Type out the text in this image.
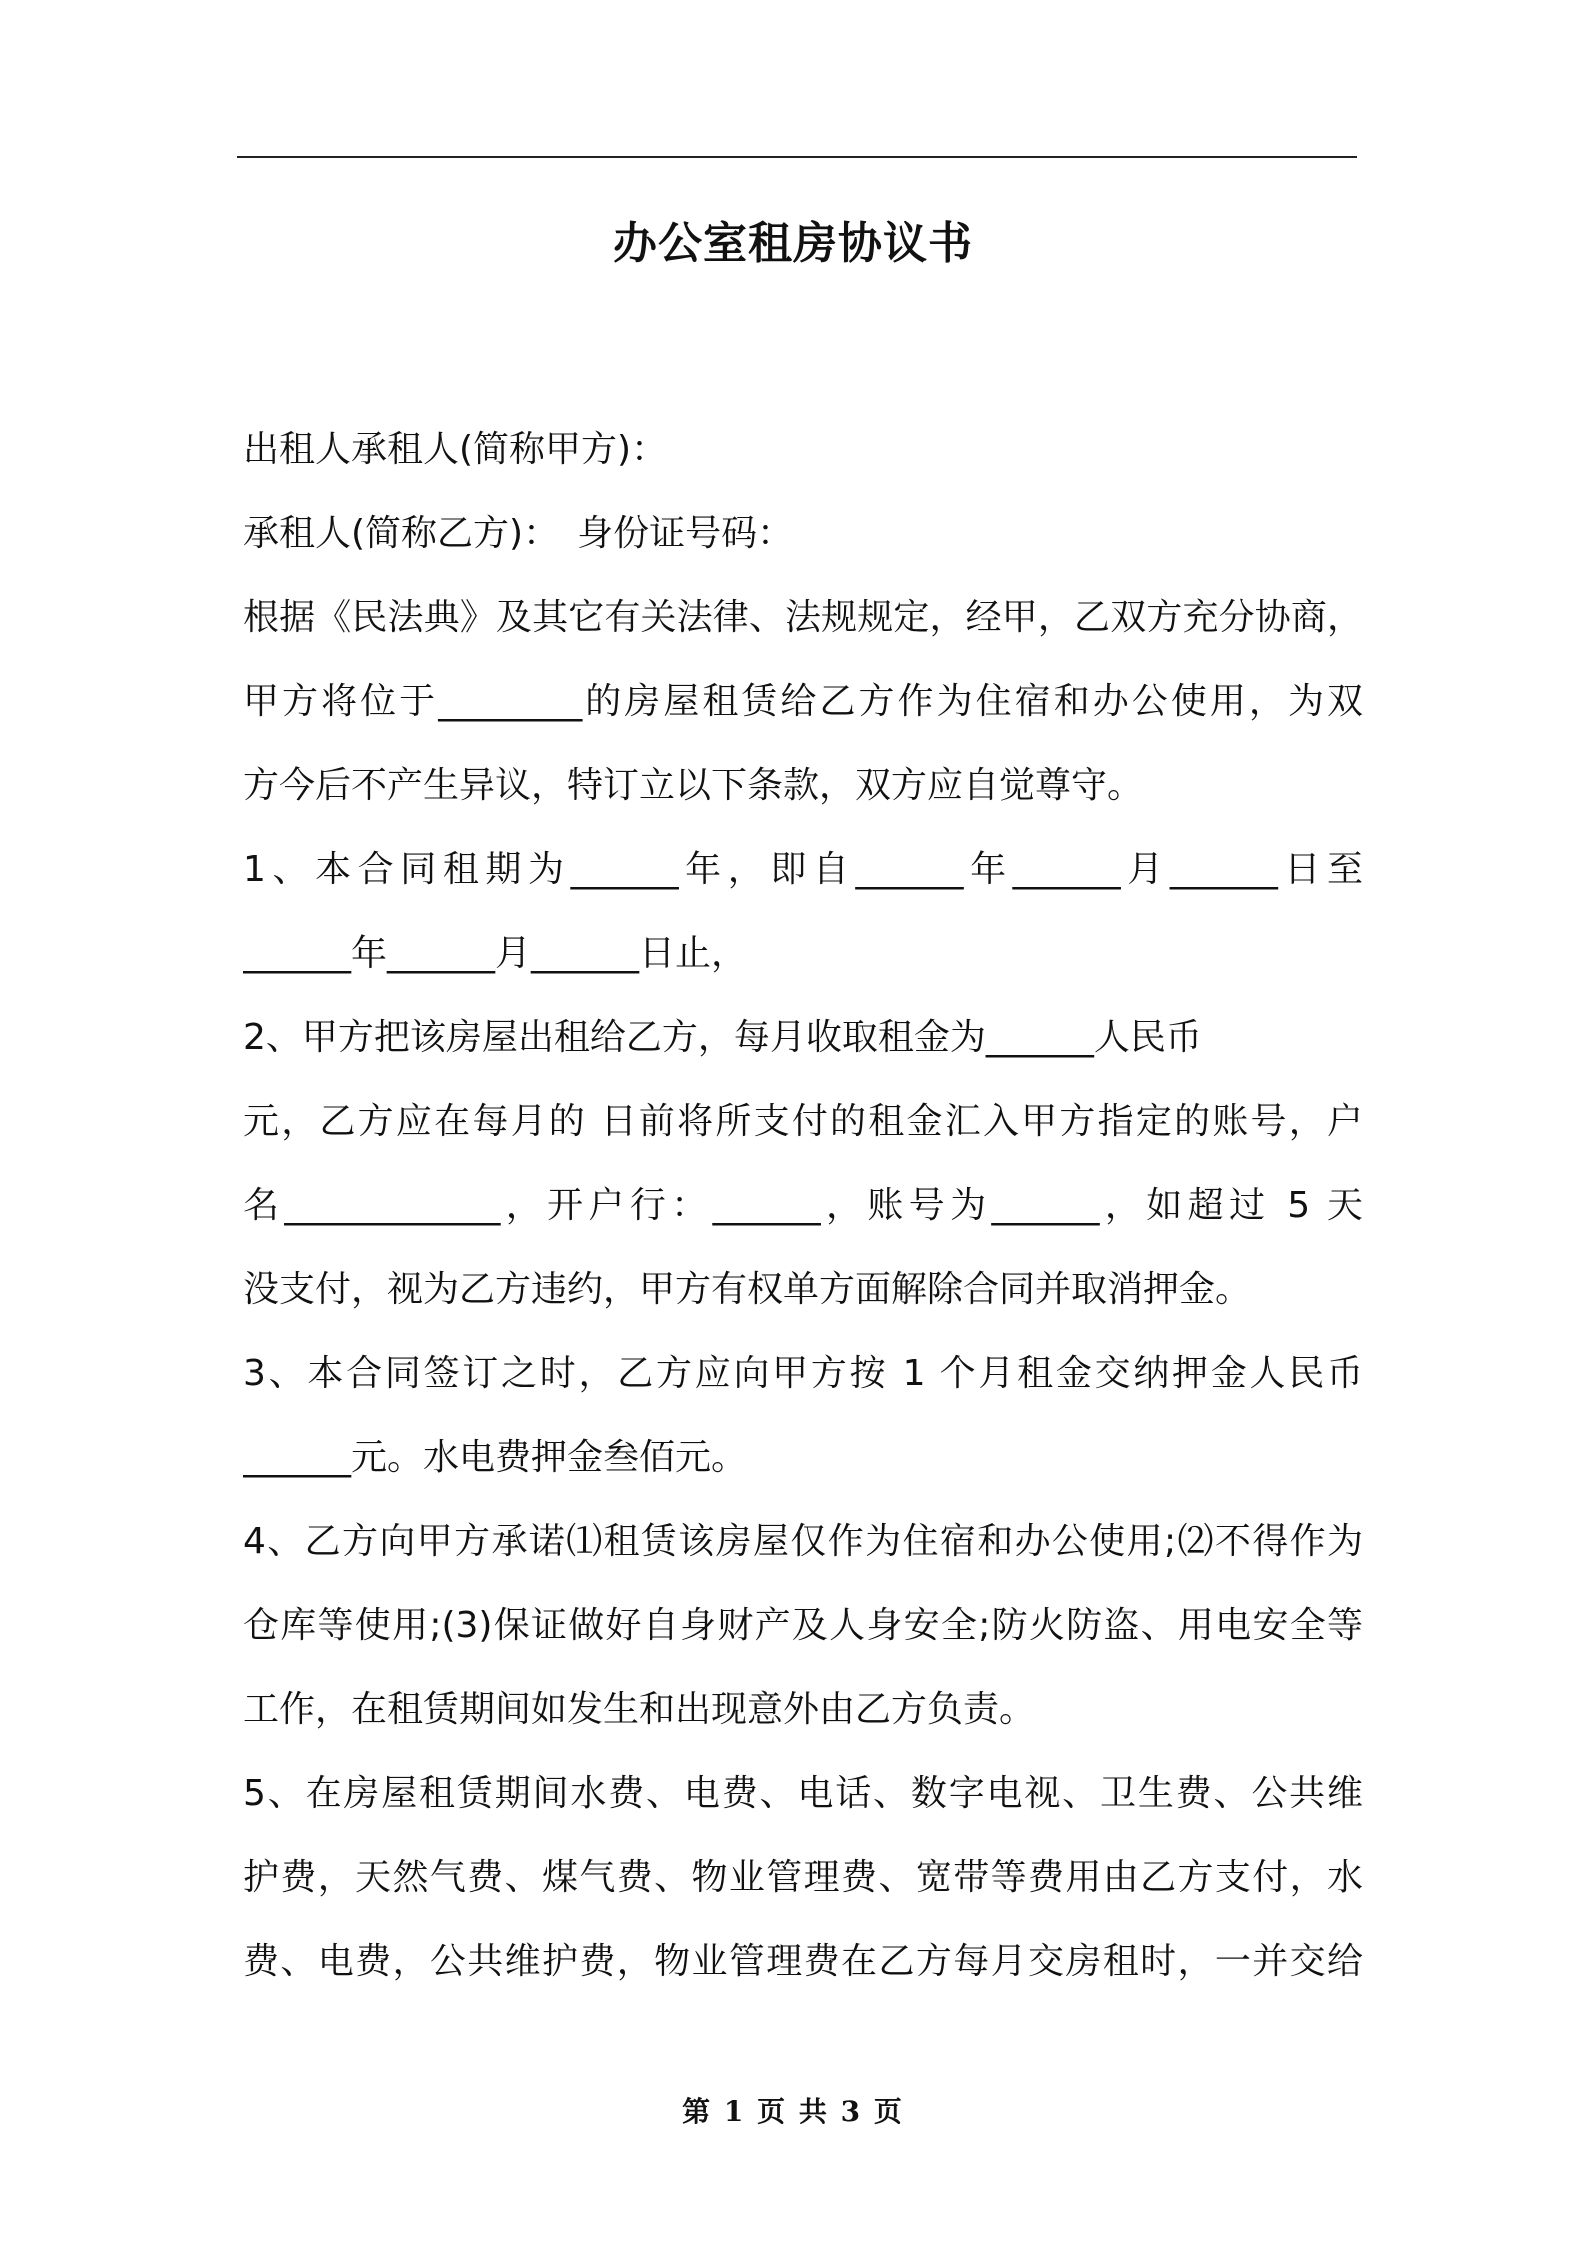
办公室租房协议书
出租人承租人(简称甲方)：
承租人(简称乙方)：　身份证号码：
根据《民法典》及其它有关法律、法规规定，经甲，乙双方充分协商，
甲方将位于________的房屋租赁给乙方作为住宿和办公使用，为双
方今后不产生异议，特订立以下条款，双方应自觉尊守。
1、本合同租期为______年，即自______年______月______日至
______年______月______日止，
2、甲方把该房屋出租给乙方，每月收取租金为______人民币
元，乙方应在每月的 日前将所支付的租金汇入甲方指定的账号，户
名____________，开户行：______，账号为______，如超过 5 天
没支付，视为乙方违约，甲方有权单方面解除合同并取消押金。
3、本合同签订之时，乙方应向甲方按 1 个月租金交纳押金人民币
______元。水电费押金叁佰元。
4、乙方向甲方承诺⑴租赁该房屋仅作为住宿和办公使用;⑵不得作为
仓库等使用;(3)保证做好自身财产及人身安全;防火防盗、用电安全等
工作，在租赁期间如发生和出现意外由乙方负责。
5、在房屋租赁期间水费、电费、电话、数字电视、卫生费、公共维
护费，天然气费、煤气费、物业管理费、宽带等费用由乙方支付，水
费、电费，公共维护费，物业管理费在乙方每月交房租时，一并交给
第 1 页 共 3 页
